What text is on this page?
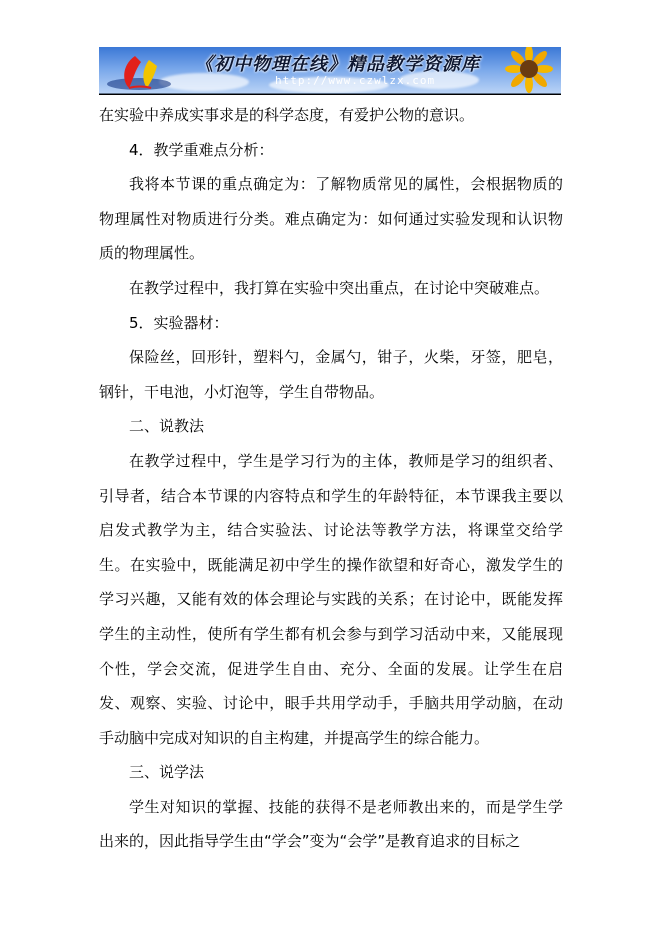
《初中物理在线》精品教学资源库
http://www.czwlzx.com

在实验中养成实事求是的科学态度，有爱护公物的意识。

4．教学重难点分析：

我将本节课的重点确定为：了解物质常见的属性，会根据物质的物理属性对物质进行分类。难点确定为：如何通过实验发现和认识物质的物理属性。

在教学过程中，我打算在实验中突出重点，在讨论中突破难点。

5．实验器材：

保险丝，回形针，塑料勺，金属勺，钳子，火柴，牙签，肥皂，钢针，干电池，小灯泡等，学生自带物品。

二、说教法

在教学过程中，学生是学习行为的主体，教师是学习的组织者、引导者，结合本节课的内容特点和学生的年龄特征，本节课我主要以启发式教学为主，结合实验法、讨论法等教学方法，将课堂交给学生。在实验中，既能满足初中学生的操作欲望和好奇心，激发学生的学习兴趣，又能有效的体会理论与实践的关系；在讨论中，既能发挥学生的主动性，使所有学生都有机会参与到学习活动中来，又能展现个性，学会交流，促进学生自由、充分、全面的发展。让学生在启发、观察、实验、讨论中，眼手共用学动手，手脑共用学动脑，在动手动脑中完成对知识的自主构建，并提高学生的综合能力。

三、说学法

学生对知识的掌握、技能的获得不是老师教出来的，而是学生学出来的，因此指导学生由“学会”变为“会学”是教育追求的目标之
